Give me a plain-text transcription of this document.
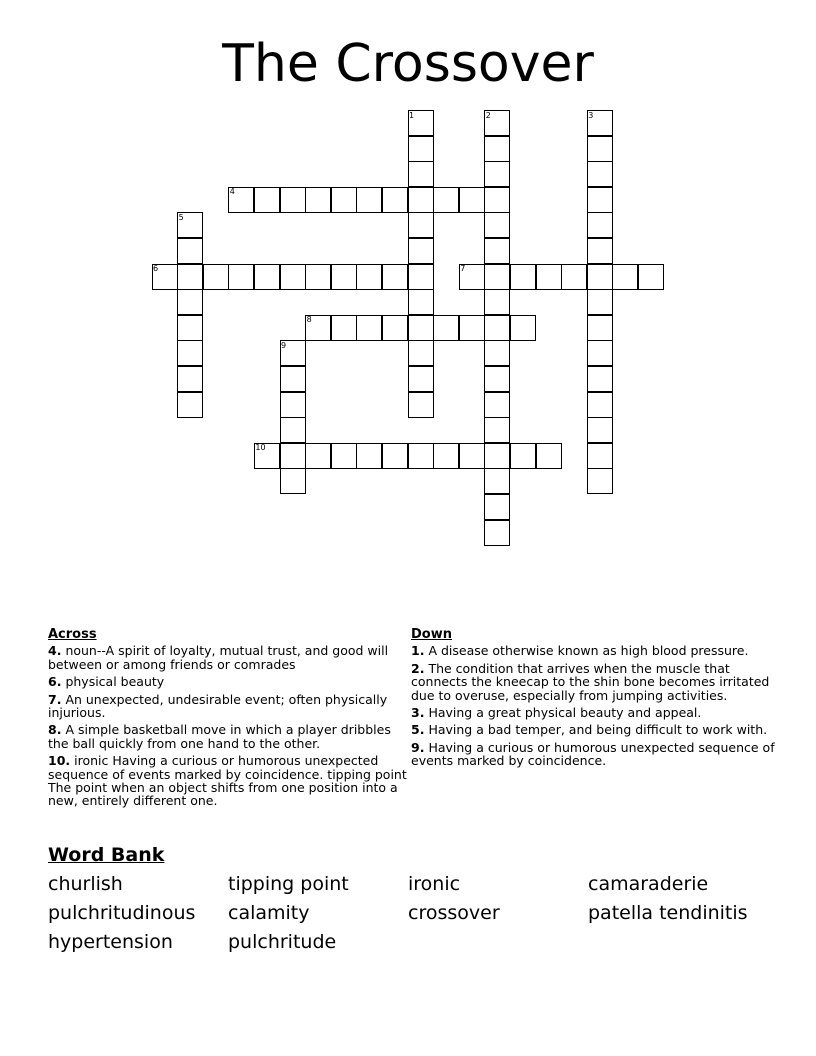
The Crossover
4
6	7
8
10
1	2	3
5
9
Across
4. noun--A spirit of loyalty, mutual trust, and good will between or among friends or comrades
6. physical beauty
7. An unexpected, undesirable event; often physically injurious.
8. A simple basketball move in which a player dribbles the ball quickly from one hand to the other.
10. ironic Having a curious or humorous unexpected sequence of events marked by coincidence. tipping point The point when an object shifts from one position into a new, entirely different one.
Down
1. A disease otherwise known as high blood pressure.
2. The condition that arrives when the muscle that connects the kneecap to the shin bone becomes irritated due to overuse, especially from jumping activities.
3. Having a great physical beauty and appeal.
5. Having a bad temper, and being difficult to work with.
9. Having a curious or humorous unexpected sequence of events marked by coincidence.
Word Bank
churlish	tipping point	ironic	camaraderie
pulchritudinous	calamity	crossover	patella tendinitis
hypertension	pulchritude
